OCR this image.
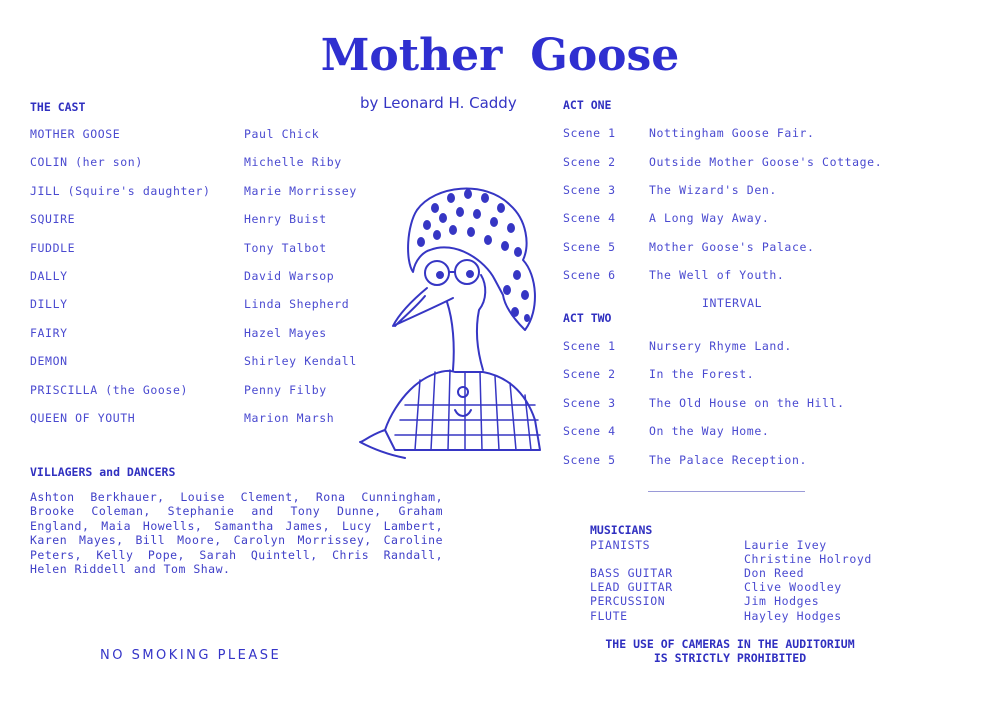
Mother Goose
by Leonard H. Caddy
THE CAST
MOTHER GOOSE	Paul Chick
COLIN (her son)	Michelle Riby
JILL (Squire's daughter)	Marie Morrissey
SQUIRE	Henry Buist
FUDDLE	Tony Talbot
DALLY	David Warsop
DILLY	Linda Shepherd
FAIRY	Hazel Mayes
DEMON	Shirley Kendall
PRISCILLA (the Goose)	Penny Filby
QUEEN OF YOUTH	Marion Marsh
VILLAGERS and DANCERS
Ashton Berkhauer, Louise Clement, Rona Cunningham, Brooke Coleman, Stephanie and Tony Dunne, Graham England, Maia Howells, Samantha James, Lucy Lambert, Karen Mayes, Bill Moore, Carolyn Morrissey, Caroline Peters, Kelly Pope, Sarah Quintell, Chris Randall, Helen Riddell and Tom Shaw.
NO SMOKING PLEASE
ACT ONE
Scene 1	Nottingham Goose Fair.
Scene 2	Outside Mother Goose's Cottage.
Scene 3	The Wizard's Den.
Scene 4	A Long Way Away.
Scene 5	Mother Goose's Palace.
Scene 6	The Well of Youth.
INTERVAL
ACT TWO
Scene 1	Nursery Rhyme Land.
Scene 2	In the Forest.
Scene 3	The Old House on the Hill.
Scene 4	On the Way Home.
Scene 5	The Palace Reception.
MUSICIANS
PIANISTS	Laurie Ivey
Christine Holroyd
BASS GUITAR	Don Reed
LEAD GUITAR	Clive Woodley
PERCUSSION	Jim Hodges
FLUTE	Hayley Hodges
THE USE OF CAMERAS IN THE AUDITORIUM
IS STRICTLY PROHIBITED
